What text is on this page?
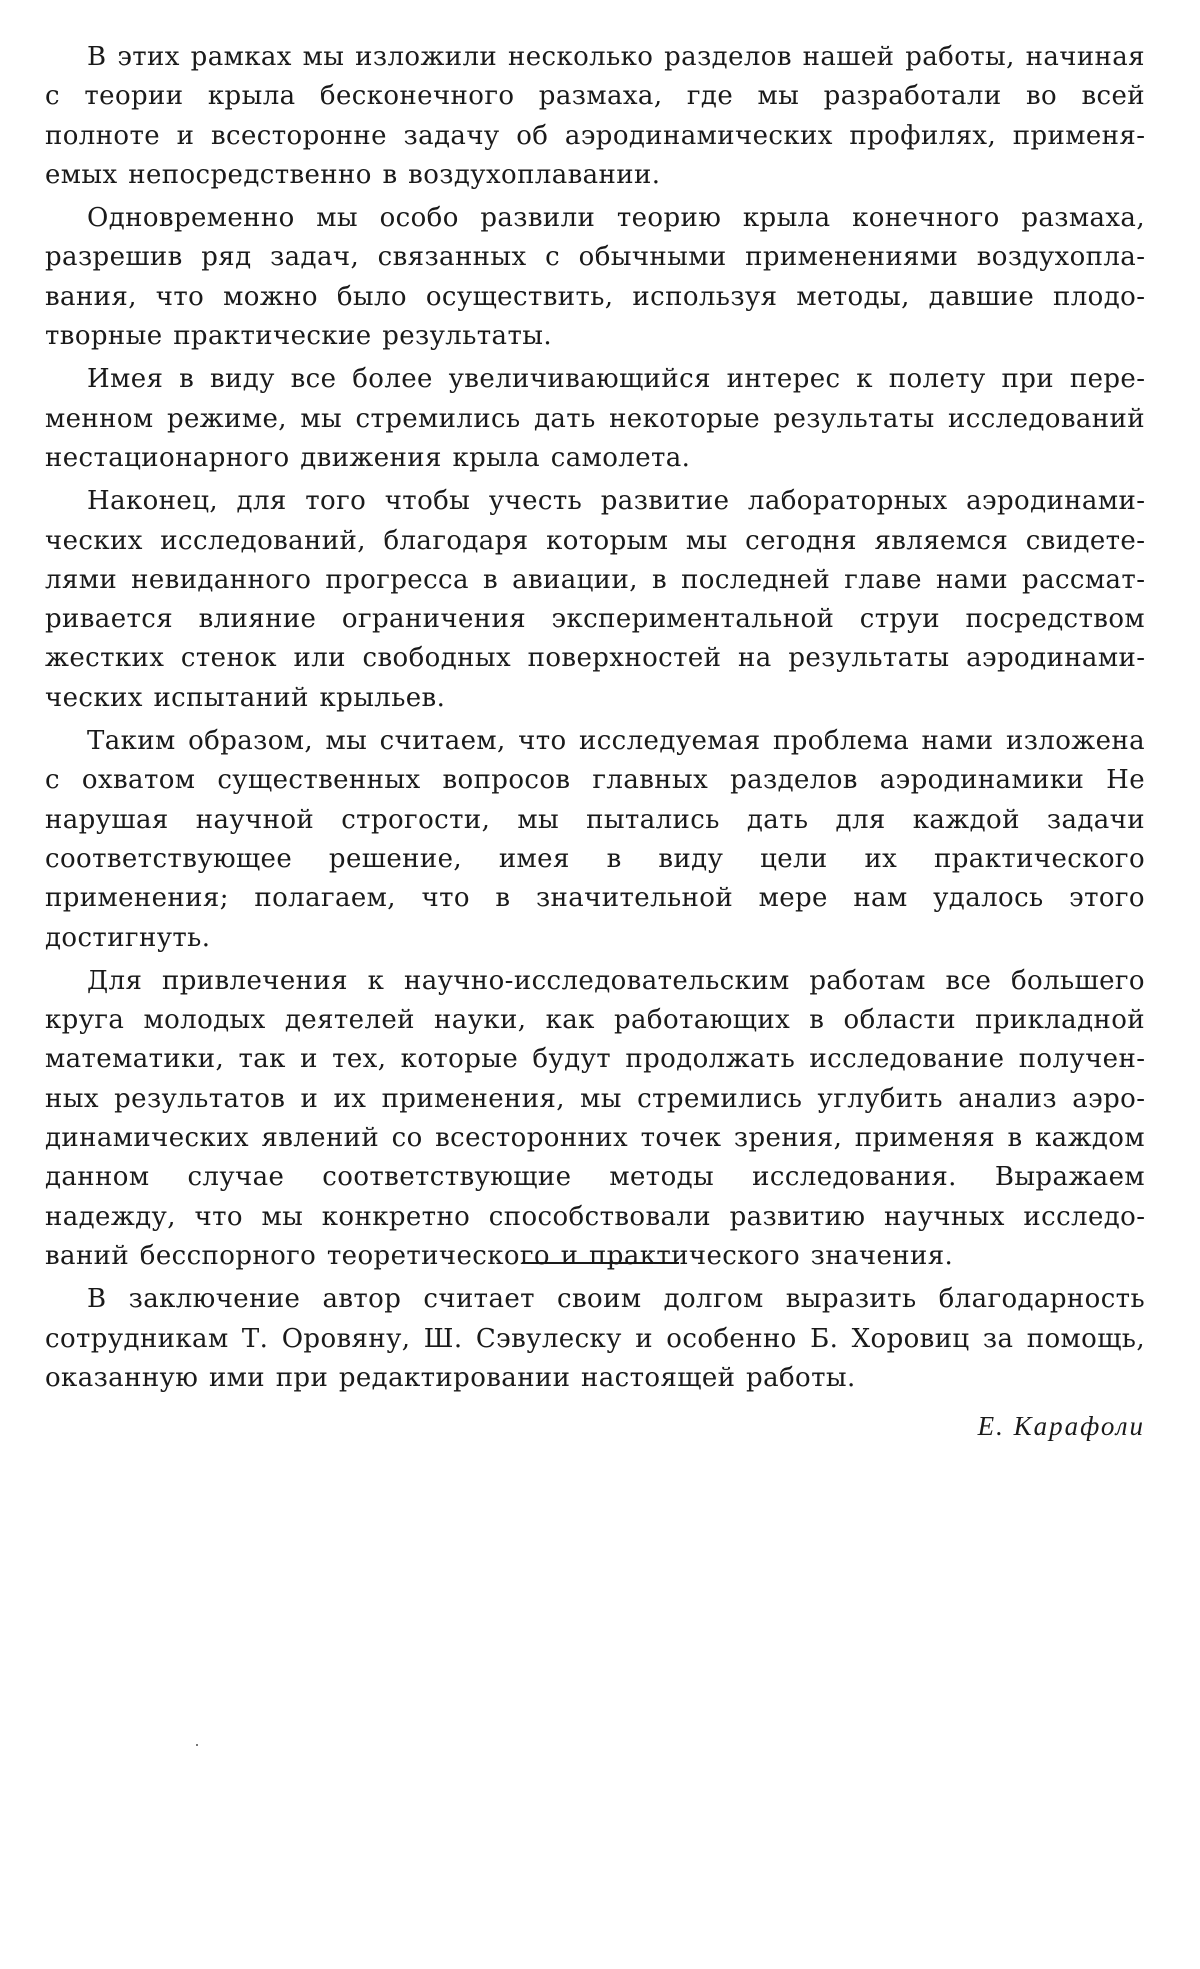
В этих рамках мы изложили несколько разделов нашей работы, начиная с теории крыла бесконечного размаха, где мы разработали во всей полноте и всесторонне задачу об аэродинамических профилях, применяемых непосредственно в воздухоплавании.

Одновременно мы особо развили теорию крыла конечного размаха, разрешив ряд задач, связанных с обычными применениями воздухоплавания, что можно было осуществить, используя методы, давшие плодотворные практические результаты.

Имея в виду все более увеличивающийся интерес к полету при переменном режиме, мы стремились дать некоторые результаты исследований нестационарного движения крыла самолета.

Наконец, для того чтобы учесть развитие лабораторных аэродинамических исследований, благодаря которым мы сегодня являемся свидетелями невиданного прогресса в авиации, в последней главе нами рассматривается влияние ограничения экспериментальной струи посредством жестких стенок или свободных поверхностей на результаты аэродинамических испытаний крыльев.

Таким образом, мы считаем, что исследуемая проблема нами изложена с охватом существенных вопросов главных разделов аэродинамики Не нарушая научной строгости, мы пытались дать для каждой задачи соответствующее решение, имея в виду цели их практического применения; полагаем, что в значительной мере нам удалось этого достигнуть.

Для привлечения к научно-исследовательским работам все большего круга молодых деятелей науки, как работающих в области прикладной математики, так и тех, которые будут продолжать исследование полученных результатов и их применения, мы стремились углубить анализ аэродинамических явлений со всесторонних точек зрения, применяя в каждом данном случае соответствующие методы исследования. Выражаем надежду, что мы конкретно способствовали развитию научных исследований бесспорного теоретического и практического значения.

В заключение автор считает своим долгом выразить благодарность сотрудникам Т. Оровяну, Ш. Сэвулеску и особенно Б. Хоровиц за помощь, оказанную ими при редактировании настоящей работы.

Е. Карафоли
